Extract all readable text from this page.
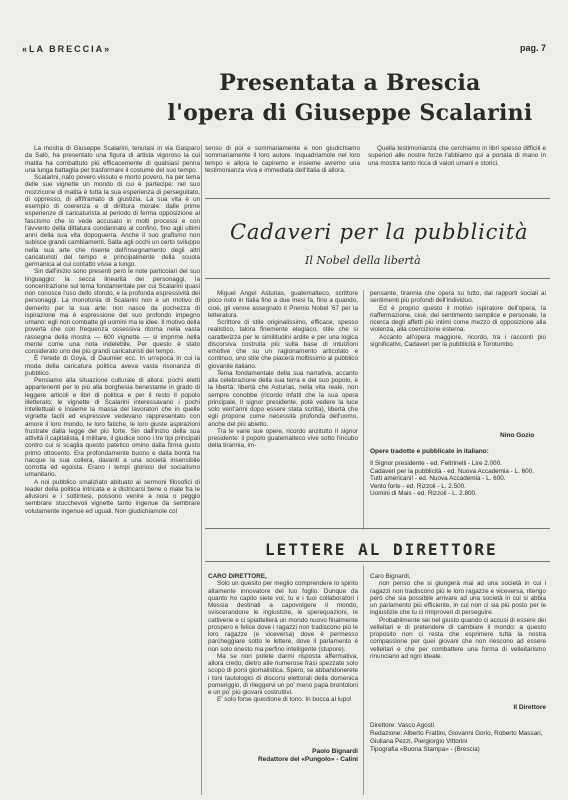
«LA BRECCIA»	pag. 7
Presentata a Brescia
l'opera di Giuseppe Scalarini

La mostra di Giuseppe Scalarini, tenutasi in via Gasparo da Salò, ha presentato una figura di artista vigoroso la cui matita ha combattuto più efficacemente di qualsiasi penna una lunga battaglia per trasformare il costume del suo tempo.

Scalarini, nato povero vissuto e morto povero, ha per tema delle sue vignette un mondo di cui è partecipe: nel suo mozzicone di matita è tutta la sua esperienza di perseguitato, di oppresso, di affiframato di giustizia. La sua vita è un esempio di coerenza e di dirittura morale: dalle prime esperienze di caricaturista al periodo di ferma opposizione al fascismo che lo vede accusato in molti processi e con l'avvento della dittatura condannato al confino, fino agli ultimi anni della sua vita dopoguerra. Anche il suo grafismo non subisce grandi cambiamenti. Salta agli occhi un certo sviluppo nella sua arte che risente dell'insegnamento degli altri caricaturisti del tempo e principalmente della scuola germanica al cui contatto visse a lungo.

Sin dall'inizio sono presenti però le note particolari del suo linguaggio: la secca linearità dei personaggi, la concentrazione sul tema fondamentale per cui Scalarini quasi non conosce l'uso dello sfondo, e la profonda espressività dei personaggi. La monotonia di Scalarini non è un motivo di demerito per la sua arte: non nasce da pochezza di ispirazione ma è espressione del suo profondo impegno umano: egli non combatte gli uomini ma le idee. Il motivo della povertà che con frequenza ossessiva ritorna nella vasta rassegna della mostra — 600 vignette — si imprime nella mente come una nota indelebile. Per questo è stato considerato uno dei più grandi caricaturisti del tempo.

È l'erede di Goya, di Daumier ecc. In un'epoca in cui la moda della caricatura politica aveva vasta risonanza di pubblico.

Pensiamo alla situazione culturale di allora: pochi eletti appartenenti per lo più alla borghesia benestante in grado di leggere articoli e libri di politica e per il resto il popolo illetterato; le vignette di Scalarini interessavano i pochi intellettuali e insieme la massa dei lavoratori che in quelle vignette facili ed espressive vedevano rappresentato con amore il loro mondo, le loro fatiche, le loro giuste aspirazioni frustrate dalla legge del più forte. Sin dall'inizio della sua attività il capitalista, il militare, il giudice sono i tre tipi principali contro cui si scaglia questo patetico omino dalla firma gusto primo ottocento. Era profondamente buono e dalla bontà ha nacque la sua collera, davanti a una società insensibile corrotta ed egoista. Erano i tempi gloriosi del socialismo umanitario.

A noi pubblico smaliziato abituato ai sermoni filosofici di leader della politica intricata e a districarsi bene o male fra le allusioni e i sottintesi, possono venire a noia o peggio sembrare stucchevoli vignette tanto ingenue da sembrare volutamente ingenue ed uguali. Non giudichiamole col

senso di poi e sommariamente e non giudichiamo sommariamente il loro autore. Inquadriamole nel loro tempo e allora le capiremo e insieme avremo una testimonianza viva e immediata dell'Italia di allora.

Quella testimonianza che cerchiamo in libri spesso difficili e superiori alle nostre forze l'abbiamo qui a portata di mano in una mostra tanto ricca di valori umani e storici.

Cadaveri per la pubblicità
Il Nobel della libertà

Miguel Angel Asturias, guatemalteco, scrittore poco noto in Italia fino a due mesi fa, fino a quando, cioè, gli venne assegnato il Premio Nobel '67 per la letteratura.

Scrittore di stile originalissimo, efficace, spesso realistico, talora finemente elegiaco, stile che si caratterizza per le similitudini ardite e per una logica discorsiva costruita più sulla base di intuizioni emotive che su un ragionamento articolato e continuo, uno stile che piacerà moltissimo al pubblico giovanile italiano.

Tema fondamentale della sua narrativa, accanto alla celebrazione della sua terra e del suo popolo, è la libertà: libertà che Asturias, nella vita reale, non sempre conobbe (ricordo infatti che la sua opera principale, Il signor presidente, potè vedere la luce solo vent'anni dopo essere stata scritta), libertà che egli propone come necessità profonda dell'uomo, anche del più abietto.

Tra le varie sue opere, ricordo anzitutto Il signor presidente: il popolo guatemalteco vive sotto l'incubo della tirannia, im-

pensante, tirannia che opera su tutto, dai rapporti sociali ai sentimenti più profondi dell'individuo.

Ed è proprio questo il motivo ispiratore dell'opera, la riaffermazione, cioè, del sentimento semplice e personale, la ricerca degli affetti più intimi come mezzo di opposizione alla violenza, alla coercizione esterna.

Accanto all'opera maggiore, ricordo, tra i racconti più significativi, Cadaveri per la pubblicità e Torotumbo.

Nino Gozio
Opere tradotte e pubblicate in italiano:
Il Signor presidente - ed. Feltrinelli - Lire 2.000.
Cadaveri per la pubblicità - ed. Nuova Accademia - L. 600.
Tutti americani! - ed. Nuova Accademia - L. 600.
Vento forte - ed. Rizzoli - L. 2.500.
Uomini di Mais - ed. Rizzoli - L. 2.800.
LETTERE AL DIRETTORE

CARO DIRETTORE,

Solo un quesito per meglio comprendere lo spirito altamente innovatore del tuo foglio. Dunque da quanto ho capito siete voi, tu e i tuoi collaboratori i Messia destinati a capovolgere il mondo, sviscerandone le ingiustizie, le sperequazioni, le cattiverie e ci spiattellerà un mondo nuovo finalmente prospero e felice dove i ragazzi non tradiscono più le loro ragazze (e viceversa) dove è permesso parcheggiare sotto le lettere, dove il parlamento è non solo onesto ma perfino intelligente (stupore).

Ma se non potete darmi risposta affermativa, allora credo, dietro alle numerose frasi spezzate solo scopo di porsi giornalistica. Spero, se abbandonerete i toni tautologici di discorsi elettorali della domenica pomeriggio, di rileggervi un po' meno papà brontoloni e un po' più giovani costruttivi.

E' solo forse questione di tono. In bocca al lupo!

Paolo Bignardi
Redattore del «Pungolo» - Calini

Caro Bignardi,

non penso che si giungerà mai ad una società in cui i ragazzi non tradiscono più le loro ragazze e viceversa, ritengo però che sia possibile arrivare ad una società in cui si abbia un parlamento più efficiente, in cui non ci sia più posto per le ingiustizie che tu ci rimproveri di perseguire.

Probabilmente sei nel giusto quando ci accusi di essere dei velleitari e di pretendere di cambiare il mondo: a questo proposito non ci resta che esprimere tutta la nostra compassione per quei giovani che non riescono ad essere velleitari e che per combattere una forma di velleitarismo rinunciano ad ogni ideale.

Il Direttore
Direttore: Vasco Agosti
Redazione: Alberto Frattini, Giovanni Gorio, Roberto Massari, Giuliana Pezzi, Piergiorgio Vittorini
Tipografia «Buona Stampa» - (Brescia)
